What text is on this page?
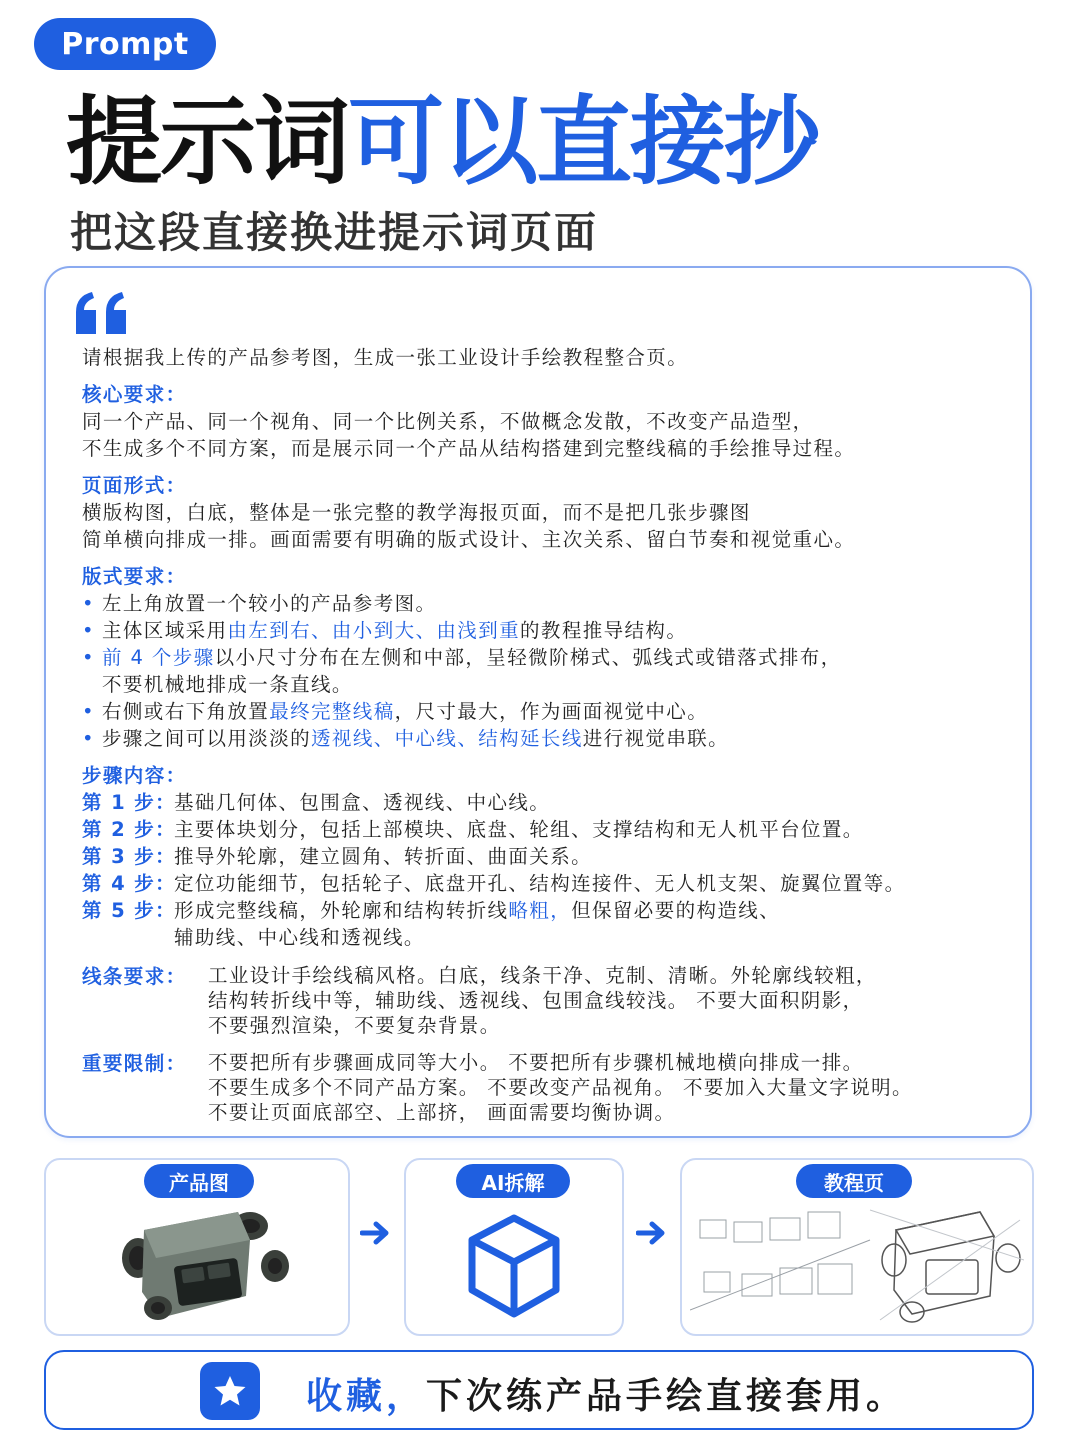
Prompt
提示词可以直接抄
把这段直接换进提示词页面
请根据我上传的产品参考图，生成一张工业设计手绘教程整合页。
核心要求：
同一个产品、同一个视角、同一个比例关系，不做概念发散，不改变产品造型，
不生成多个不同方案，而是展示同一个产品从结构搭建到完整线稿的手绘推导过程。
页面形式：
横版构图，白底，整体是一张完整的教学海报页面，而不是把几张步骤图
简单横向排成一排。画面需要有明确的版式设计、主次关系、留白节奏和视觉重心。
版式要求：
• 左上角放置一个较小的产品参考图。
• 主体区域采用由左到右、由小到大、由浅到重的教程推导结构。
• 前 4 个步骤以小尺寸分布在左侧和中部，呈轻微阶梯式、弧线式或错落式排布，
不要机械地排成一条直线。
• 右侧或右下角放置最终完整线稿，尺寸最大，作为画面视觉中心。
• 步骤之间可以用淡淡的透视线、中心线、结构延长线进行视觉串联。
步骤内容：
第 1 步：基础几何体、包围盒、透视线、中心线。
第 2 步：主要体块划分，包括上部模块、底盘、轮组、支撑结构和无人机平台位置。
第 3 步：推导外轮廓，建立圆角、转折面、曲面关系。
第 4 步：定位功能细节，包括轮子、底盘开孔、结构连接件、无人机支架、旋翼位置等。
第 5 步：形成完整线稿，外轮廓和结构转折线略粗，但保留必要的构造线、
辅助线、中心线和透视线。
线条要求：	工业设计手绘线稿风格。白底，线条干净、克制、清晰。外轮廓线较粗，
结构转折线中等，辅助线、透视线、包围盒线较浅。 不要大面积阴影，
不要强烈渲染，不要复杂背景。
重要限制：	不要把所有步骤画成同等大小。 不要把所有步骤机械地横向排成一排。
不要生成多个不同产品方案。 不要改变产品视角。 不要加入大量文字说明。
不要让页面底部空、上部挤， 画面需要均衡协调。
产品图	AI拆解	教程页
收藏，下次练产品手绘直接套用。
